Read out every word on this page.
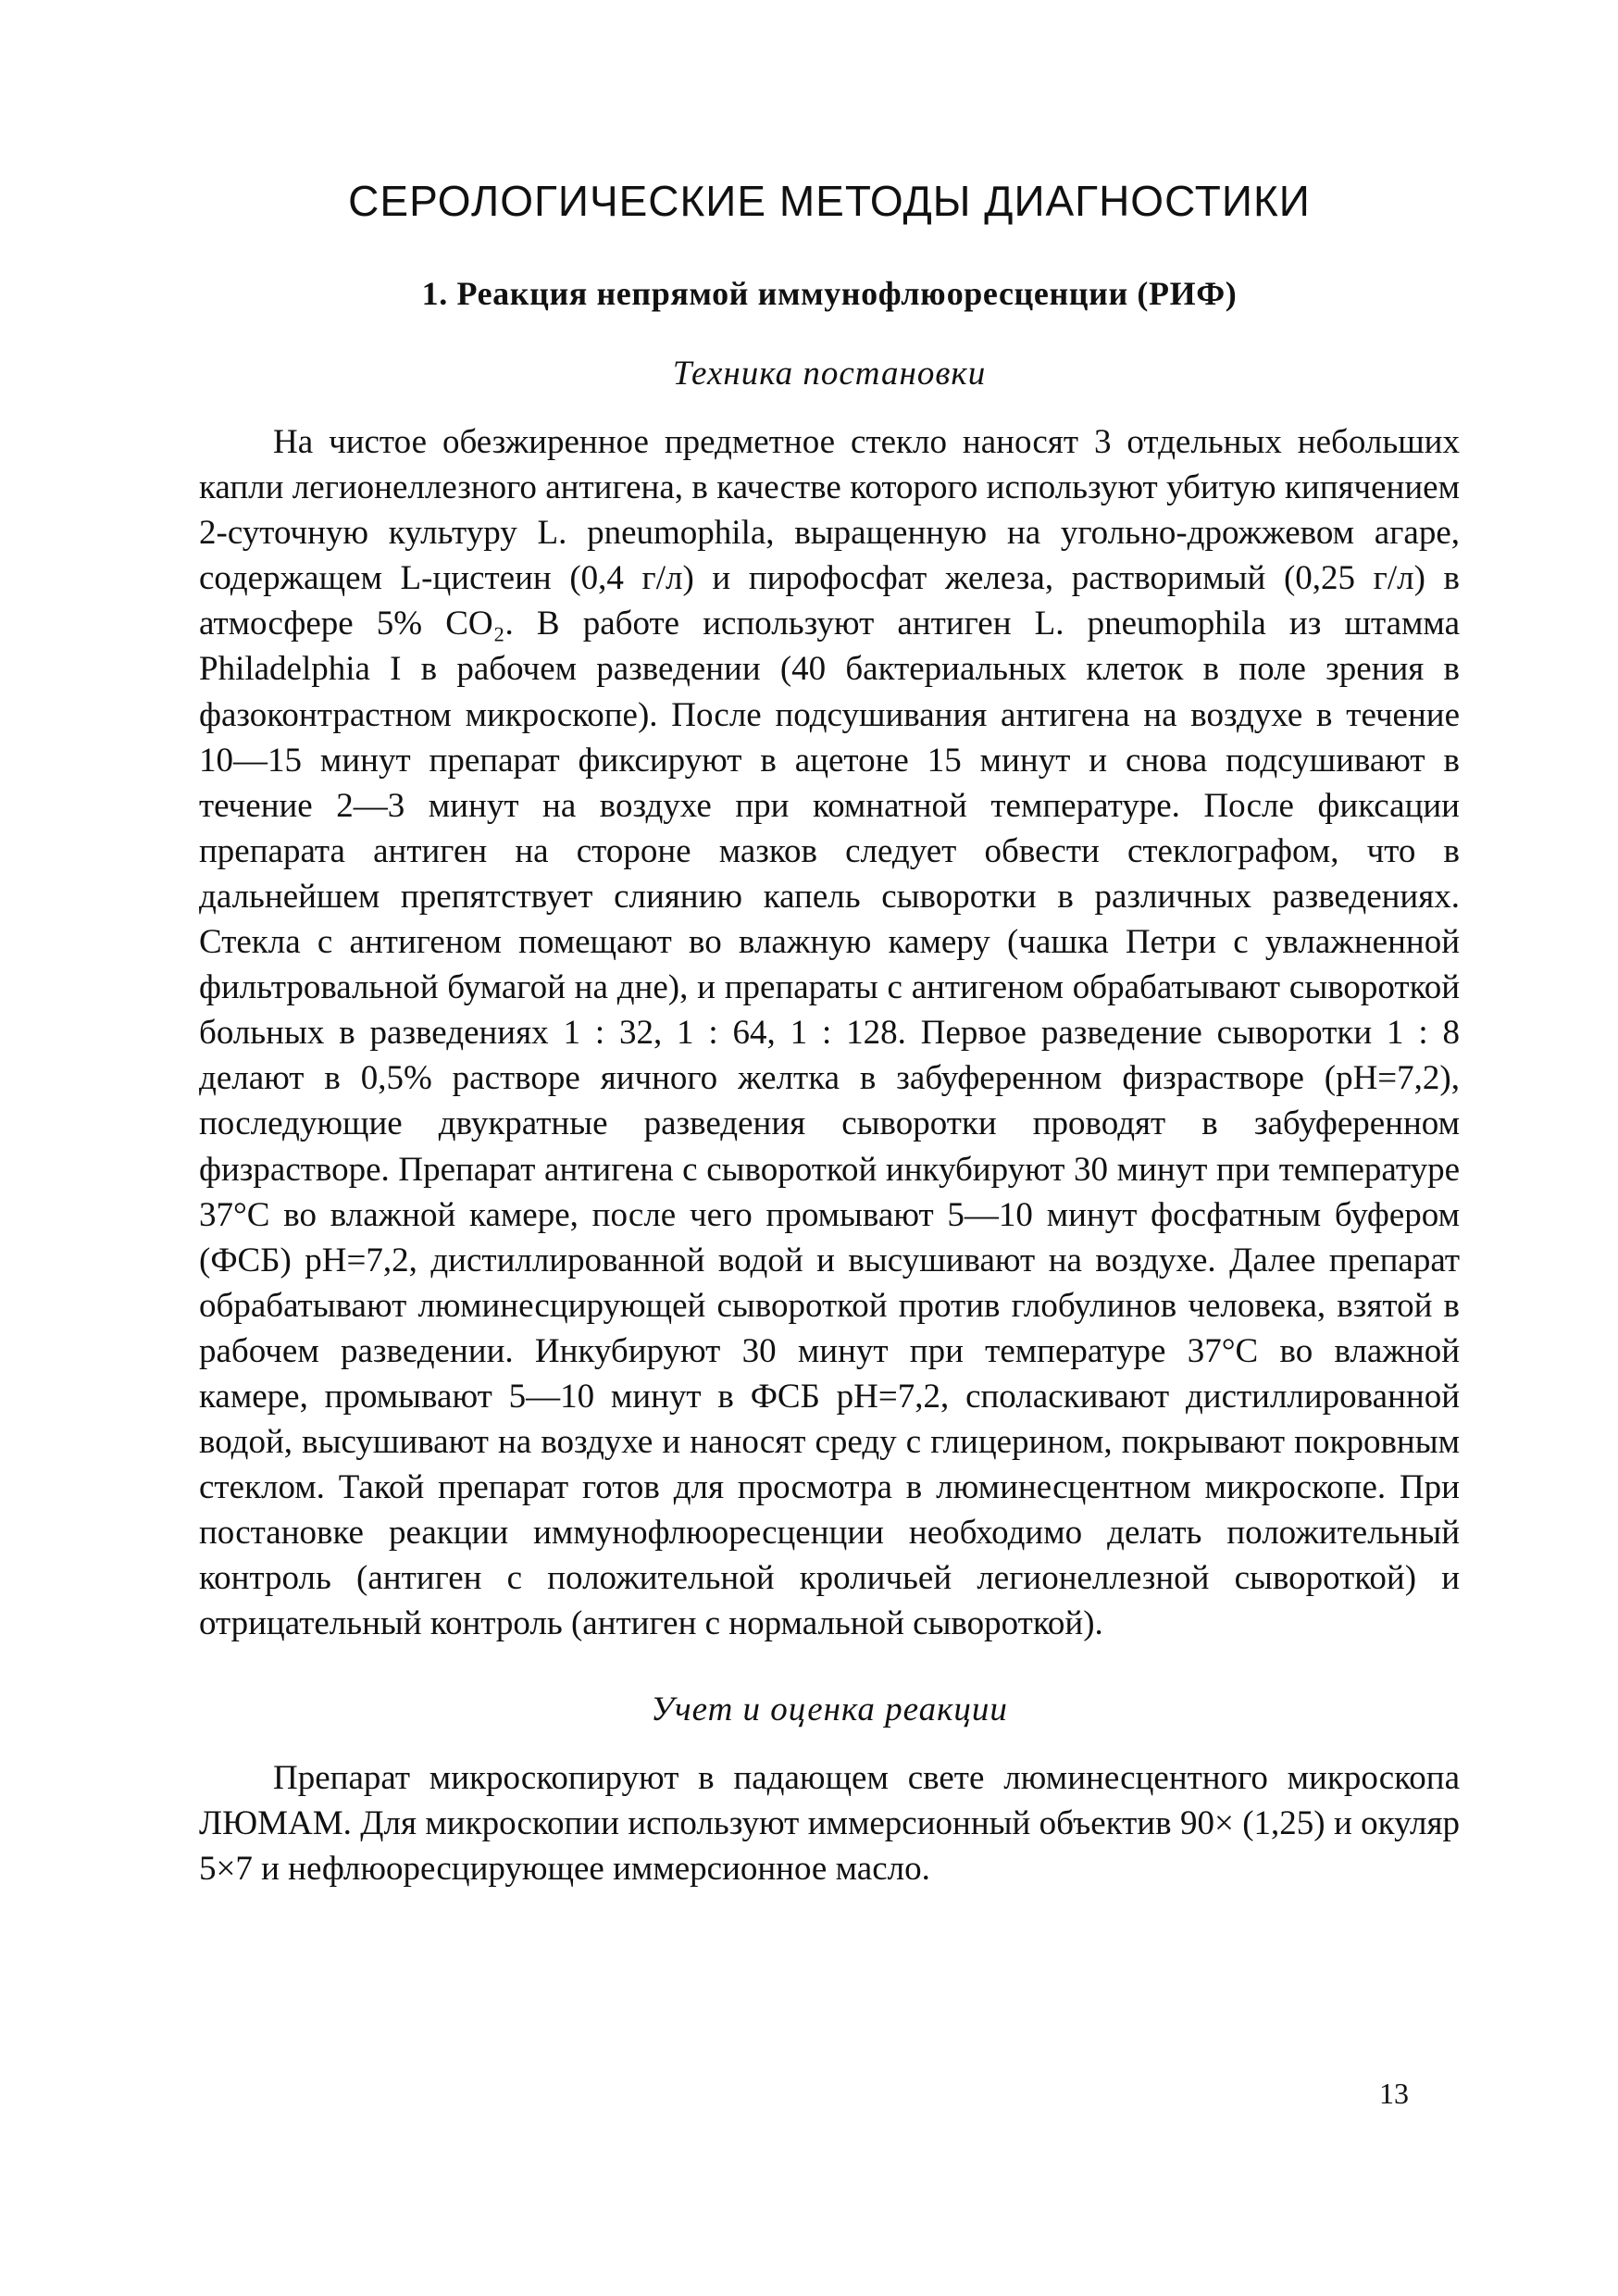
СЕРОЛОГИЧЕСКИЕ МЕТОДЫ ДИАГНОСТИКИ
1. Реакция непрямой иммунофлюоресценции (РИФ)
Техника постановки

На чистое обезжиренное предметное стекло наносят 3 отдельных небольших капли легионеллезного антигена, в качестве которого используют убитую кипячением 2-суточную культуру L. pneumophila, выращенную на угольно-дрожжевом агаре, содержащем L-цистеин (0,4 г/л) и пирофосфат железа, растворимый (0,25 г/л) в атмосфере 5% CO₂. В работе используют антиген L. pneumophila из штамма Philadelphia I в рабочем разведении (40 бактериальных клеток в поле зрения в фазоконтрастном микроскопе). После подсушивания антигена на воздухе в течение 10—15 минут препарат фиксируют в ацетоне 15 минут и снова подсушивают в течение 2—3 минут на воздухе при комнатной температуре. После фиксации препарата антиген на стороне мазков следует обвести стеклографом, что в дальнейшем препятствует слиянию капель сыворотки в различных разведениях. Стекла с антигеном помещают во влажную камеру (чашка Петри с увлажненной фильтровальной бумагой на дне), и препараты с антигеном обрабатывают сывороткой больных в разведениях 1 : 32, 1 : 64, 1 : 128. Первое разведение сыворотки 1 : 8 делают в 0,5% растворе яичного желтка в забуференном физрастворе (pH=7,2), последующие двукратные разведения сыворотки проводят в забуференном физрастворе. Препарат антигена с сывороткой инкубируют 30 минут при температуре 37°C во влажной камере, после чего промывают 5—10 минут фосфатным буфером (ФСБ) pH=7,2, дистиллированной водой и высушивают на воздухе. Далее препарат обрабатывают люминесцирующей сывороткой против глобулинов человека, взятой в рабочем разведении. Инкубируют 30 минут при температуре 37°C во влажной камере, промывают 5—10 минут в ФСБ pH=7,2, споласкивают дистиллированной водой, высушивают на воздухе и наносят среду с глицерином, покрывают покровным стеклом. Такой препарат готов для просмотра в люминесцентном микроскопе. При постановке реакции иммунофлюоресценции необходимо делать положительный контроль (антиген с положительной кроличьей легионеллезной сывороткой) и отрицательный контроль (антиген с нормальной сывороткой).

Учет и оценка реакции

Препарат микроскопируют в падающем свете люминесцентного микроскопа ЛЮМАМ. Для микроскопии используют иммерсионный объектив 90× (1,25) и окуляр 5×7 и нефлюоресцирующее иммерсионное масло.

13
